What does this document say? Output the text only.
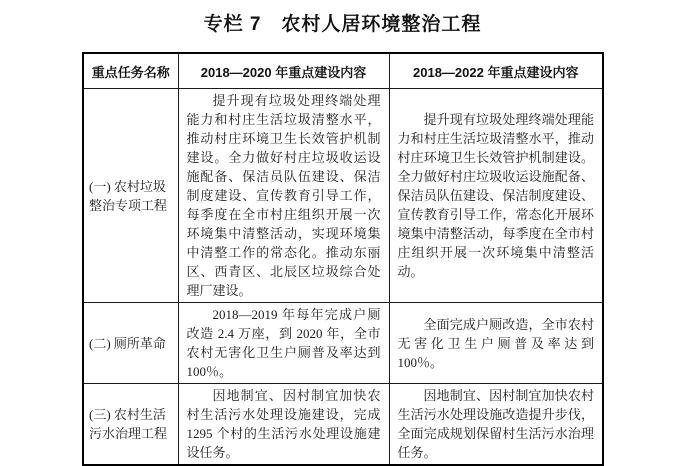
专栏 7　农村人居环境整治工程
重点任务名称	2018—2020 年重点建设内容	2018—2022 年重点建设内容
(一) 农村垃圾整治专项工程	提升现有垃圾处理终端处理能力和村庄生活垃圾清整水平，推动村庄环境卫生长效管护机制建设。全力做好村庄垃圾收运设施配备、保洁员队伍建设、保洁制度建设、宣传教育引导工作，每季度在全市村庄组织开展一次环境集中清整活动，实现环境集中清整工作的常态化。推动东丽区、西青区、北辰区垃圾综合处理厂建设。	提升现有垃圾处理终端处理能力和村庄生活垃圾清整水平，推动村庄环境卫生长效管护机制建设。全力做好村庄垃圾收运设施配备、保洁员队伍建设、保洁制度建设、宣传教育引导工作，常态化开展环境集中清整活动，每季度在全市村庄组织开展一次环境集中清整活动。
(二) 厕所革命	2018—2019 年每年完成户厕改造 2.4 万座，到 2020 年，全市农村无害化卫生户厕普及率达到 100％。	全面完成户厕改造，全市农村无害化卫生户厕普及率达到 100％。
(三) 农村生活污水治理工程	因地制宜、因村制宜加快农村生活污水处理设施建设，完成 1295 个村的生活污水处理设施建设任务。	因地制宜、因村制宜加快农村生活污水处理设施改造提升步伐，全面完成规划保留村生活污水治理任务。
